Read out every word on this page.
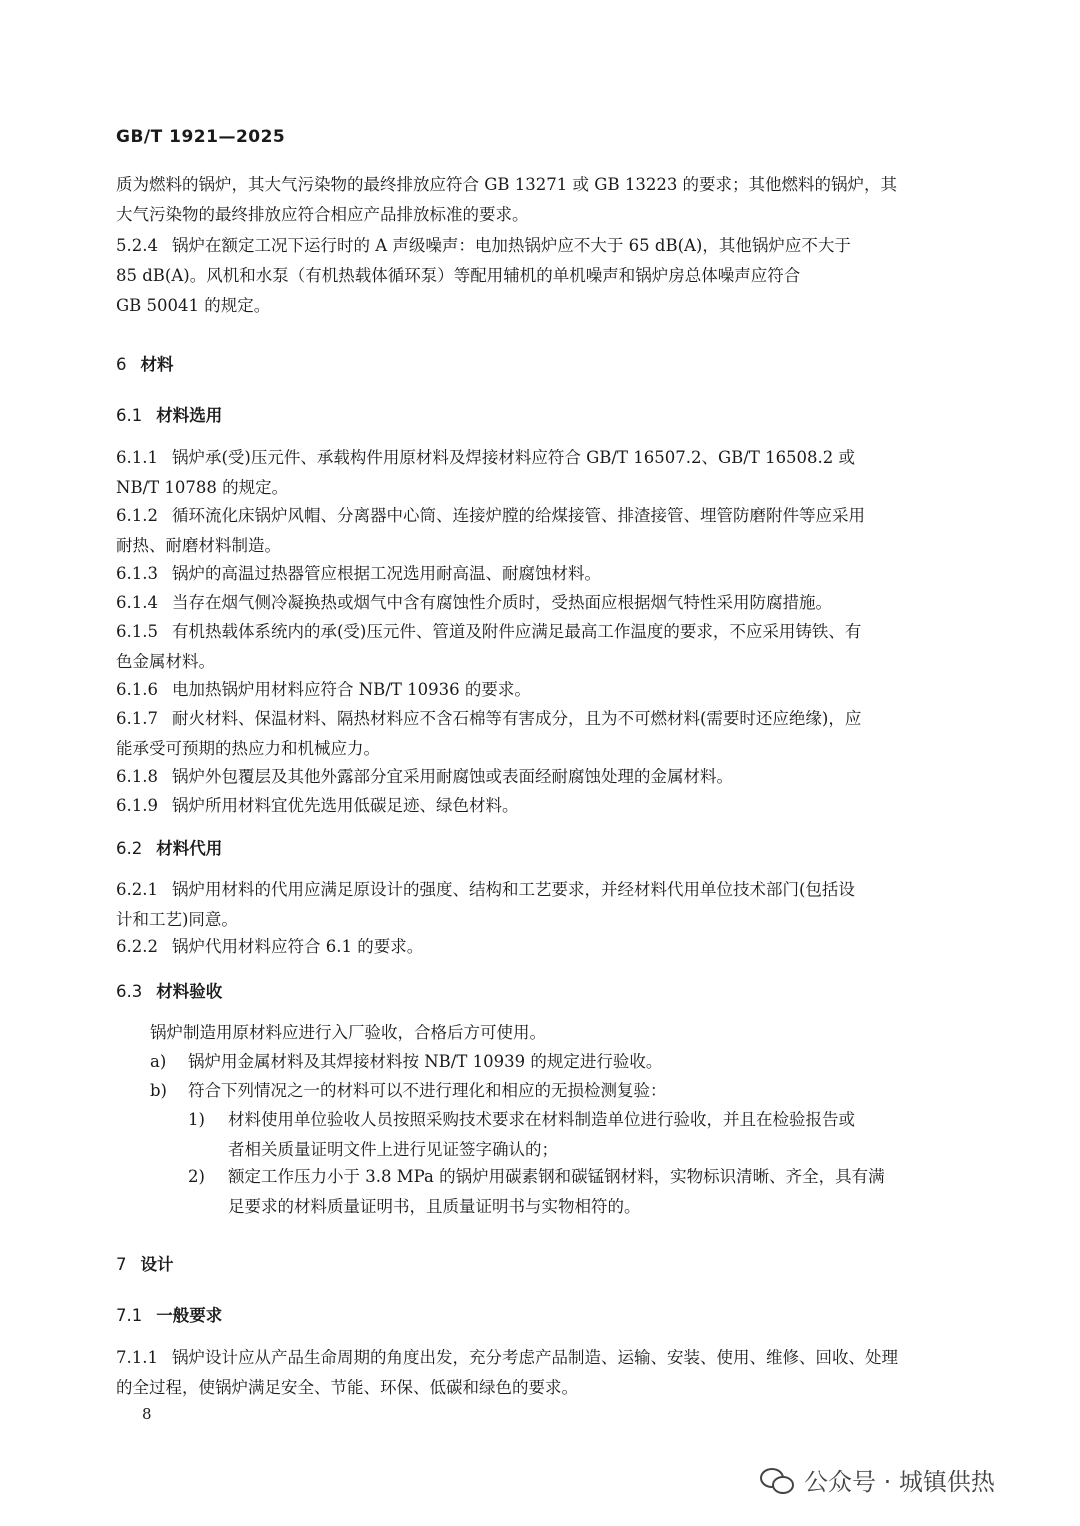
GB/T 1921—2025
质为燃料的锅炉，其大气污染物的最终排放应符合 GB 13271 或 GB 13223 的要求；其他燃料的锅炉，其
大气污染物的最终排放应符合相应产品排放标准的要求。
5.2.4 锅炉在额定工况下运行时的 A 声级噪声：电加热锅炉应不大于 65 dB(A)，其他锅炉应不大于
85 dB(A)。风机和水泵（有机热载体循环泵）等配用辅机的单机噪声和锅炉房总体噪声应符合
GB 50041 的规定。
6 材料
6.1 材料选用
6.1.1 锅炉承(受)压元件、承载构件用原材料及焊接材料应符合 GB/T 16507.2、GB/T 16508.2 或
NB/T 10788 的规定。
6.1.2 循环流化床锅炉风帽、分离器中心筒、连接炉膛的给煤接管、排渣接管、埋管防磨附件等应采用
耐热、耐磨材料制造。
6.1.3 锅炉的高温过热器管应根据工况选用耐高温、耐腐蚀材料。
6.1.4 当存在烟气侧冷凝换热或烟气中含有腐蚀性介质时，受热面应根据烟气特性采用防腐措施。
6.1.5 有机热载体系统内的承(受)压元件、管道及附件应满足最高工作温度的要求，不应采用铸铁、有
色金属材料。
6.1.6 电加热锅炉用材料应符合 NB/T 10936 的要求。
6.1.7 耐火材料、保温材料、隔热材料应不含石棉等有害成分，且为不可燃材料(需要时还应绝缘)，应
能承受可预期的热应力和机械应力。
6.1.8 锅炉外包覆层及其他外露部分宜采用耐腐蚀或表面经耐腐蚀处理的金属材料。
6.1.9 锅炉所用材料宜优先选用低碳足迹、绿色材料。
6.2 材料代用
6.2.1 锅炉用材料的代用应满足原设计的强度、结构和工艺要求，并经材料代用单位技术部门(包括设
计和工艺)同意。
6.2.2 锅炉代用材料应符合 6.1 的要求。
6.3 材料验收
锅炉制造用原材料应进行入厂验收，合格后方可使用。
a) 锅炉用金属材料及其焊接材料按 NB/T 10939 的规定进行验收。
b) 符合下列情况之一的材料可以不进行理化和相应的无损检测复验：
1) 材料使用单位验收人员按照采购技术要求在材料制造单位进行验收，并且在检验报告或
者相关质量证明文件上进行见证签字确认的；
2) 额定工作压力小于 3.8 MPa 的锅炉用碳素钢和碳锰钢材料，实物标识清晰、齐全，具有满
足要求的材料质量证明书，且质量证明书与实物相符的。
7 设计
7.1 一般要求
7.1.1 锅炉设计应从产品生命周期的角度出发，充分考虑产品制造、运输、安装、使用、维修、回收、处理
的全过程，使锅炉满足安全、节能、环保、低碳和绿色的要求。
8
公众号 · 城镇供热
